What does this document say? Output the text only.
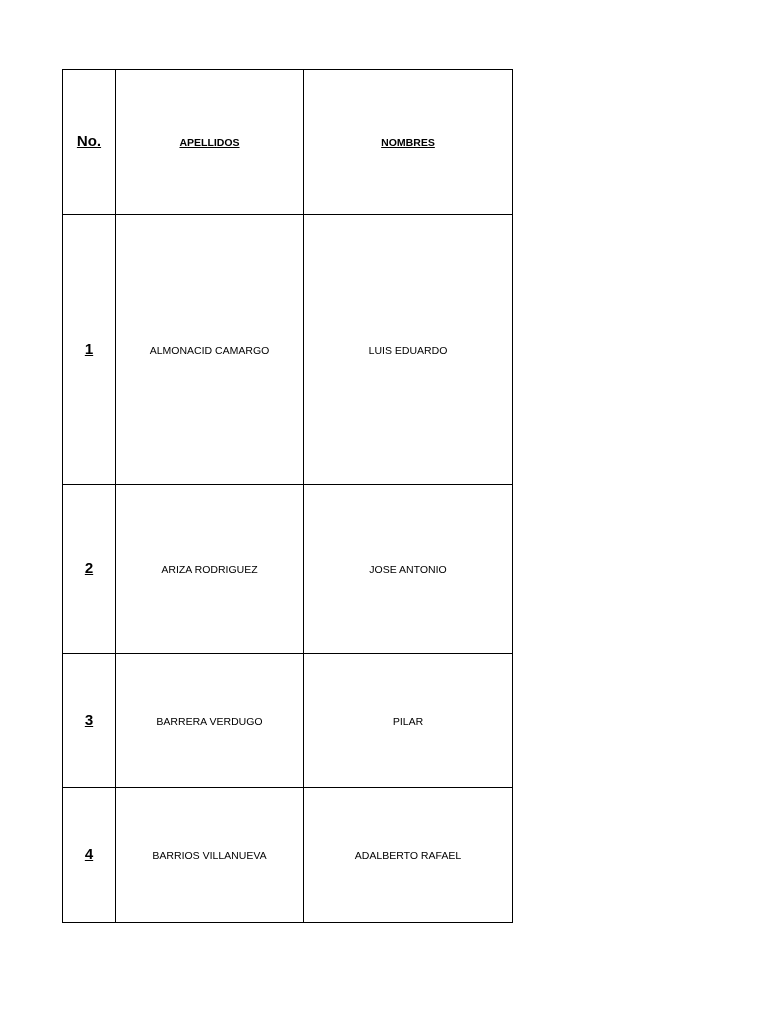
No.	APELLIDOS	NOMBRES
1	ALMONACID CAMARGO	LUIS EDUARDO
2	ARIZA RODRIGUEZ	JOSE ANTONIO
3	BARRERA VERDUGO	PILAR
4	BARRIOS VILLANUEVA	ADALBERTO RAFAEL
